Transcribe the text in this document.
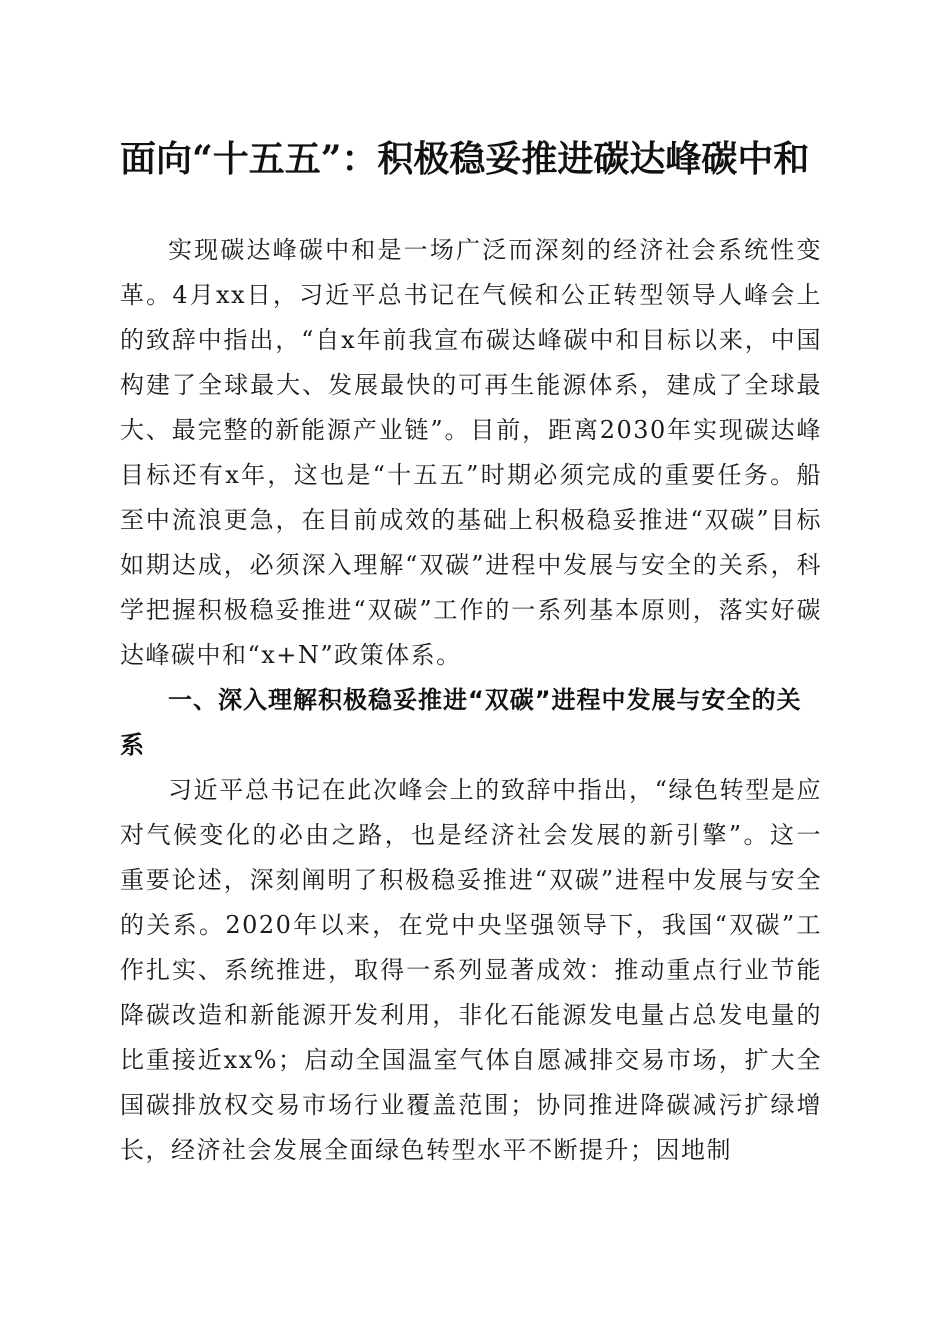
面向“十五五”：积极稳妥推进碳达峰碳中和

实现碳达峰碳中和是一场广泛而深刻的经济社会系统性变革。4月xx日，习近平总书记在气候和公正转型领导人峰会上的致辞中指出，“自x年前我宣布碳达峰碳中和目标以来，中国构建了全球最大、发展最快的可再生能源体系，建成了全球最大、最完整的新能源产业链”。目前，距离2030年实现碳达峰目标还有x年，这也是“十五五”时期必须完成的重要任务。船至中流浪更急，在目前成效的基础上积极稳妥推进“双碳”目标如期达成，必须深入理解“双碳”进程中发展与安全的关系，科学把握积极稳妥推进“双碳”工作的一系列基本原则，落实好碳达峰碳中和“x+N”政策体系。

一、深入理解积极稳妥推进“双碳”进程中发展与安全的关系

习近平总书记在此次峰会上的致辞中指出，“绿色转型是应对气候变化的必由之路，也是经济社会发展的新引擎”。这一重要论述，深刻阐明了积极稳妥推进“双碳”进程中发展与安全的关系。2020年以来，在党中央坚强领导下，我国“双碳”工作扎实、系统推进，取得一系列显著成效：推动重点行业节能降碳改造和新能源开发利用，非化石能源发电量占总发电量的比重接近xx%；启动全国温室气体自愿减排交易市场，扩大全国碳排放权交易市场行业覆盖范围；协同推进降碳减污扩绿增长，经济社会发展全面绿色转型水平不断提升；因地制
